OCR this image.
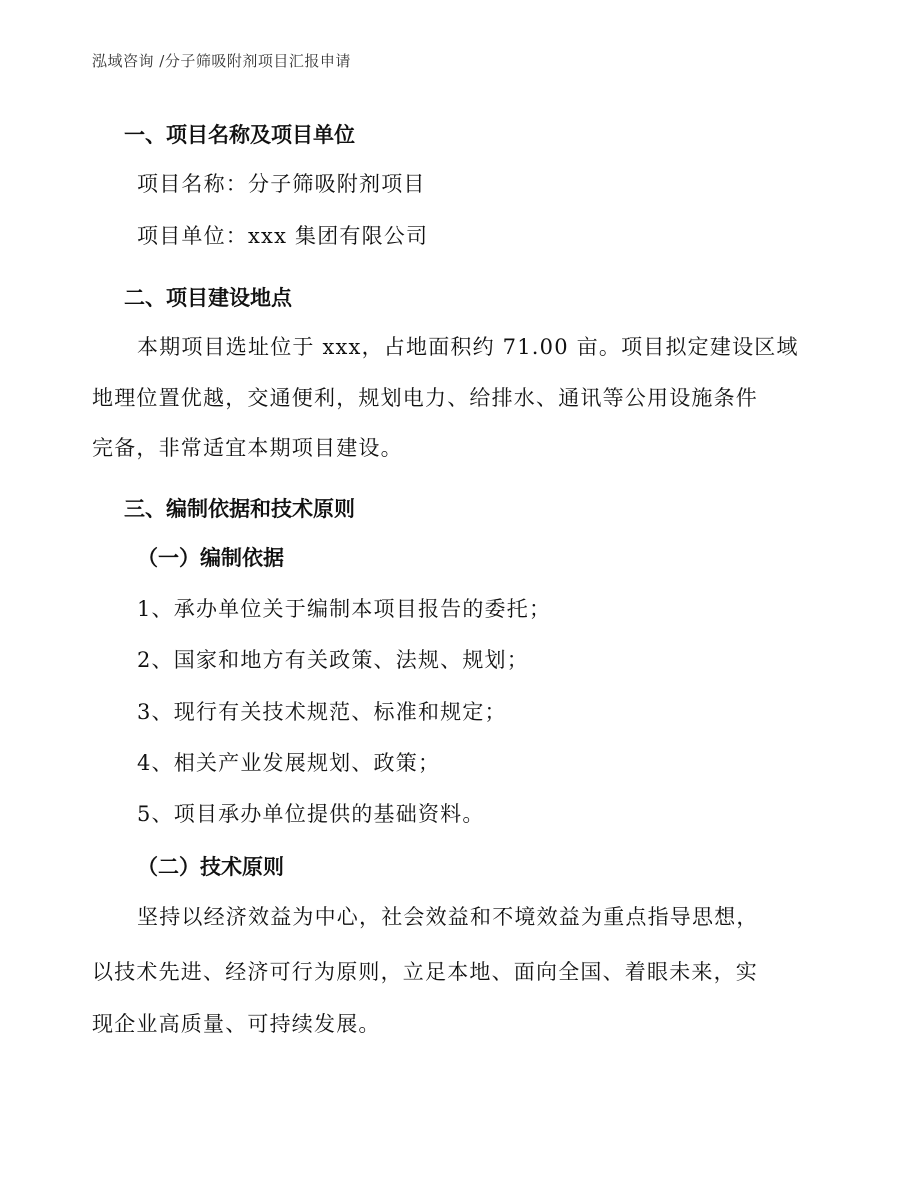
泓域咨询 /分子筛吸附剂项目汇报申请
一、项目名称及项目单位
项目名称：分子筛吸附剂项目
项目单位：xxx 集团有限公司
二、项目建设地点
本期项目选址位于 xxx，占地面积约 71.00 亩。项目拟定建设区域
地理位置优越，交通便利，规划电力、给排水、通讯等公用设施条件
完备，非常适宜本期项目建设。
三、编制依据和技术原则
（一）编制依据
1、承办单位关于编制本项目报告的委托；
2、国家和地方有关政策、法规、规划；
3、现行有关技术规范、标准和规定；
4、相关产业发展规划、政策；
5、项目承办单位提供的基础资料。
（二）技术原则
坚持以经济效益为中心，社会效益和不境效益为重点指导思想，
以技术先进、经济可行为原则，立足本地、面向全国、着眼未来，实
现企业高质量、可持续发展。
